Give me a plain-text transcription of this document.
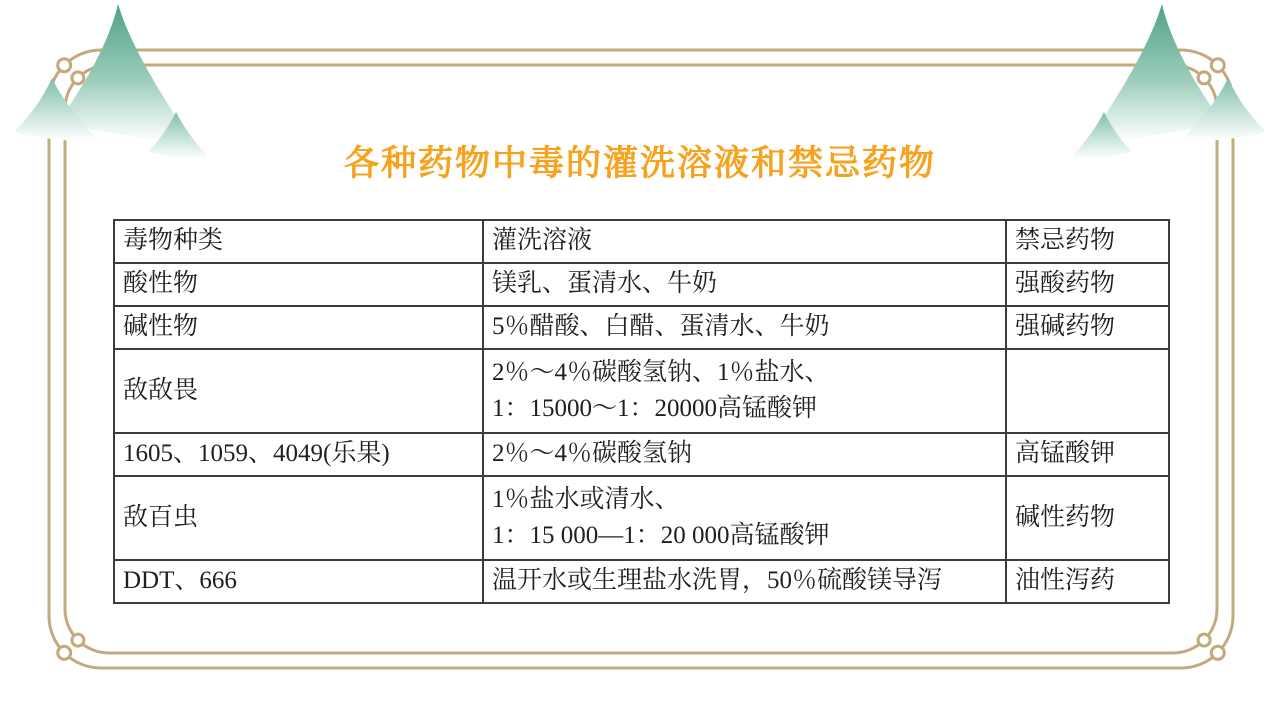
各种药物中毒的灌洗溶液和禁忌药物
毒物种类	灌洗溶液	禁忌药物
酸性物	镁乳、蛋清水、牛奶	强酸药物
碱性物	5％醋酸、白醋、蛋清水、牛奶	强碱药物
敌敌畏	2％～4％碳酸氢钠、1％盐水、
1：15000～1：20000高锰酸钾	

1605、1059、4049(乐果)	2％～4％碳酸氢钠	高锰酸钾
敌百虫	1％盐水或清水、
1：15 000—1：20 000高锰酸钾	碱性药物
DDT、666	温开水或生理盐水洗胃，50％硫酸镁导泻	油性泻药
